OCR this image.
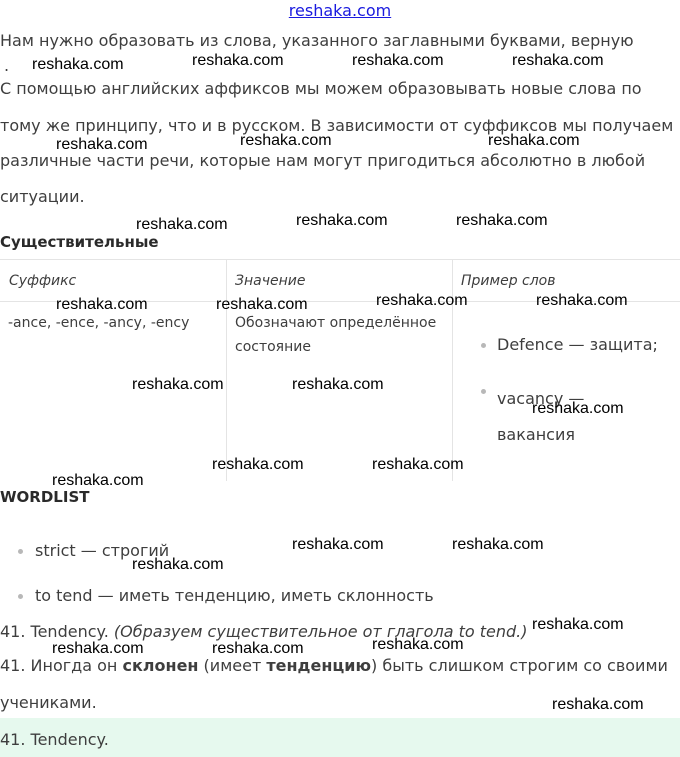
reshaka.com
Нам нужно образовать из слова, указанного заглавными буквами, верную
.
С помощью английских аффиксов мы можем образовывать новые слова по
тому же принципу, что и в русском. В зависимости от суффиксов мы получаем
различные части речи, которые нам могут пригодиться абсолютно в любой
ситуации.
Существительные
Суффикс	Значение	Пример слов
-ance, -ence, -ancy, -ency	Обозначают определённое состояние	Defence — защита;
vacancy — вакансия
WORDLIST
strict — строгий
to tend — иметь тенденцию, иметь склонность
41. Tendency. (Образуем существительное от глагола to tend.)
41. Иногда он склонен (имеет тенденцию) быть слишком строгим со своими
учениками.
41. Tendency.
reshaka.com	reshaka.com	reshaka.com	reshaka.com
reshaka.com	reshaka.com
reshaka.com
reshaka.com	reshaka.com
reshaka.com
reshaka.com	reshaka.com
reshaka.com	reshaka.com
reshaka.com	reshaka.com
reshaka.com
reshaka.com	reshaka.com
reshaka.com
reshaka.com	reshaka.com
reshaka.com
reshaka.com
reshaka.com	reshaka.com	reshaka.com
reshaka.com
